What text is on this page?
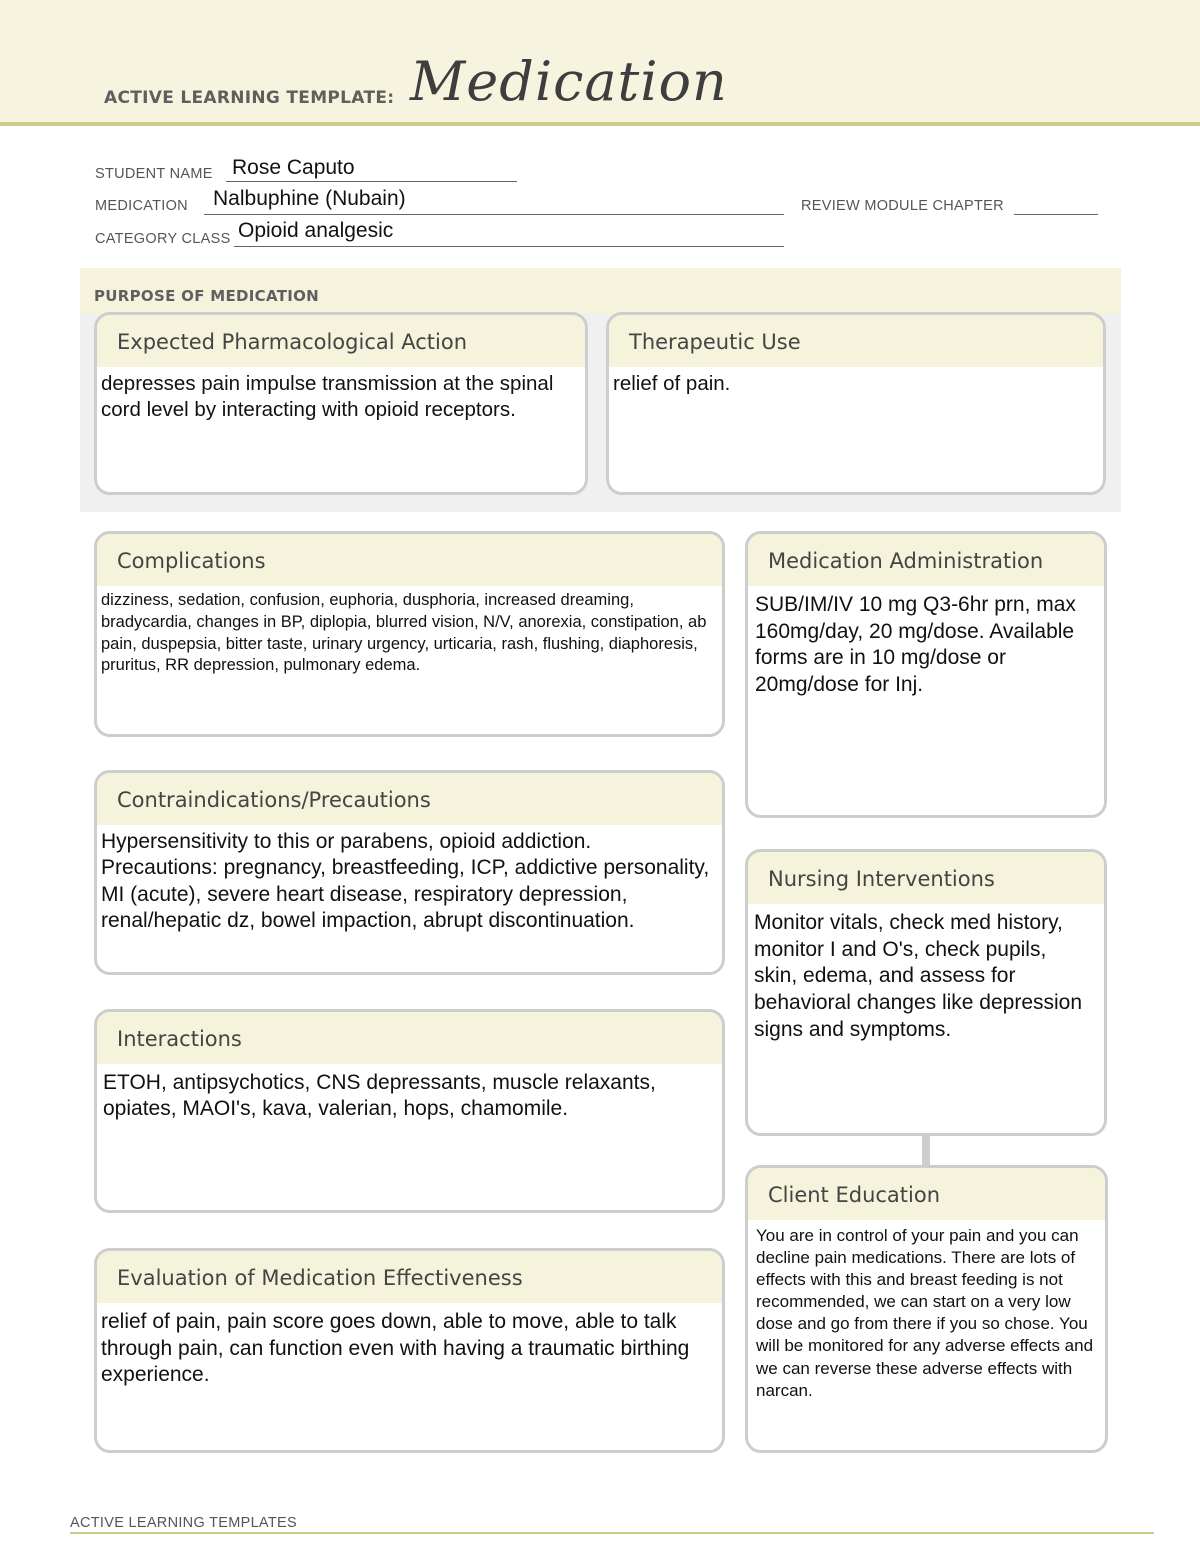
ACTIVE LEARNING TEMPLATE: Medication
STUDENT NAME Rose Caputo
MEDICATION Nalbuphine (Nubain)	REVIEW MODULE CHAPTER
CATEGORY CLASS Opioid analgesic
PURPOSE OF MEDICATION
Expected Pharmacological Action
depresses pain impulse transmission at the spinal cord level by interacting with opioid receptors.
Therapeutic Use
relief of pain.
Complications
dizziness, sedation, confusion, euphoria, dusphoria, increased dreaming, bradycardia, changes in BP, diplopia, blurred vision, N/V, anorexia, constipation, ab pain, duspepsia, bitter taste, urinary urgency, urticaria, rash, flushing, diaphoresis, pruritus, RR depression, pulmonary edema.
Contraindications/Precautions
Hypersensitivity to this or parabens, opioid addiction. Precautions: pregnancy, breastfeeding, ICP, addictive personality, MI (acute), severe heart disease, respiratory depression, renal/hepatic dz, bowel impaction, abrupt discontinuation.
Interactions
ETOH, antipsychotics, CNS depressants, muscle relaxants, opiates, MAOI's, kava, valerian, hops, chamomile.
Evaluation of Medication Effectiveness
relief of pain, pain score goes down, able to move, able to talk through pain, can function even with having a traumatic birthing experience.
Medication Administration
SUB/IM/IV 10 mg Q3-6hr prn, max 160mg/day, 20 mg/dose. Available forms are in 10 mg/dose or 20mg/dose for Inj.
Nursing Interventions
Monitor vitals, check med history, monitor I and O's, check pupils, skin, edema, and assess for behavioral changes like depression signs and symptoms.
Client Education
You are in control of your pain and you can decline pain medications. There are lots of effects with this and breast feeding is not recommended, we can start on a very low dose and go from there if you so chose. You will be monitored for any adverse effects and we can reverse these adverse effects with narcan.
ACTIVE LEARNING TEMPLATES
